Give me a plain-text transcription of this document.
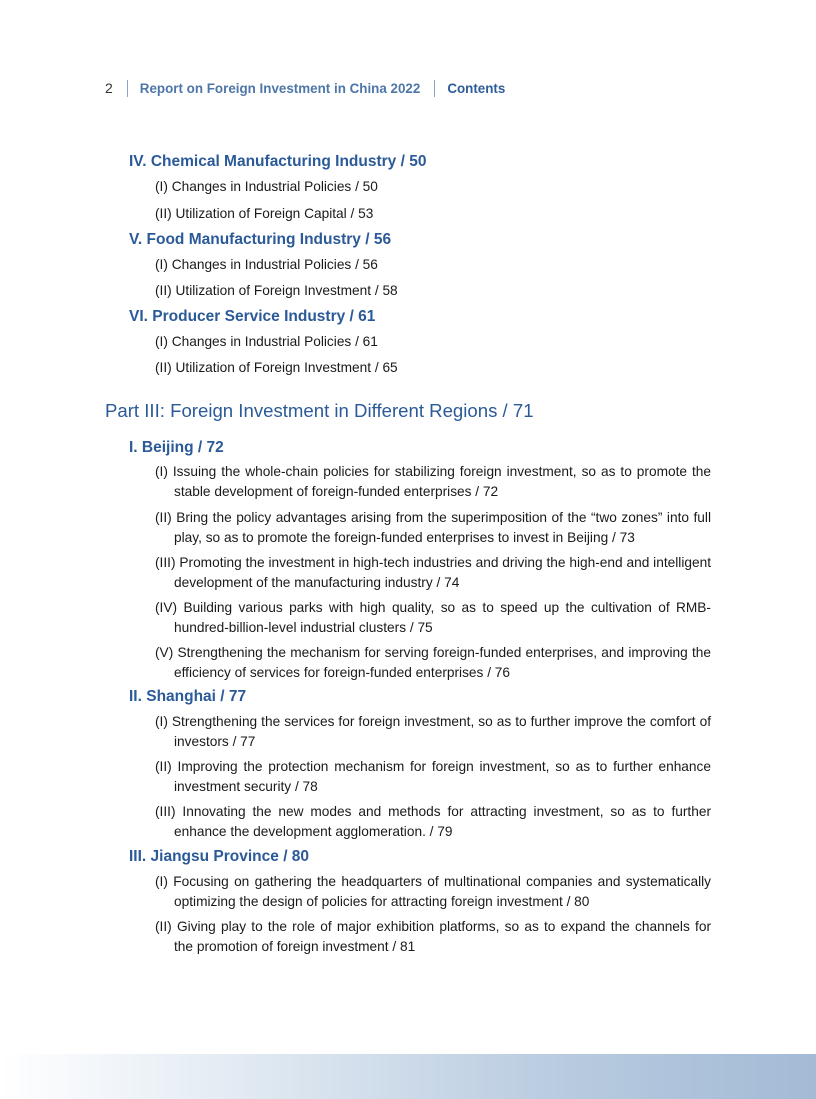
2 Report on Foreign Investment in China 2022 Contents
IV. Chemical Manufacturing Industry / 50
(I) Changes in Industrial Policies / 50
(II) Utilization of Foreign Capital / 53
V. Food Manufacturing Industry / 56
(I) Changes in Industrial Policies / 56
(II) Utilization of Foreign Investment / 58
VI. Producer Service Industry / 61
(I) Changes in Industrial Policies / 61
(II) Utilization of Foreign Investment / 65
Part III: Foreign Investment in Different Regions / 71
I. Beijing / 72
(I) Issuing the whole-chain policies for stabilizing foreign investment, so as to promote the stable development of foreign-funded enterprises / 72
(II) Bring the policy advantages arising from the superimposition of the “two zones” into full play, so as to promote the foreign-funded enterprises to invest in Beijing / 73
(III) Promoting the investment in high-tech industries and driving the high-end and intelligent development of the manufacturing industry / 74
(IV) Building various parks with high quality, so as to speed up the cultivation of RMB-hundred-billion-level industrial clusters / 75
(V) Strengthening the mechanism for serving foreign-funded enterprises, and improving the efficiency of services for foreign-funded enterprises / 76
II. Shanghai / 77
(I) Strengthening the services for foreign investment, so as to further improve the comfort of investors / 77
(II) Improving the protection mechanism for foreign investment, so as to further enhance investment security / 78
(III) Innovating the new modes and methods for attracting investment, so as to further enhance the development agglomeration. / 79
III. Jiangsu Province / 80
(I) Focusing on gathering the headquarters of multinational companies and systematically optimizing the design of policies for attracting foreign investment / 80
(II) Giving play to the role of major exhibition platforms, so as to expand the channels for the promotion of foreign investment / 81
